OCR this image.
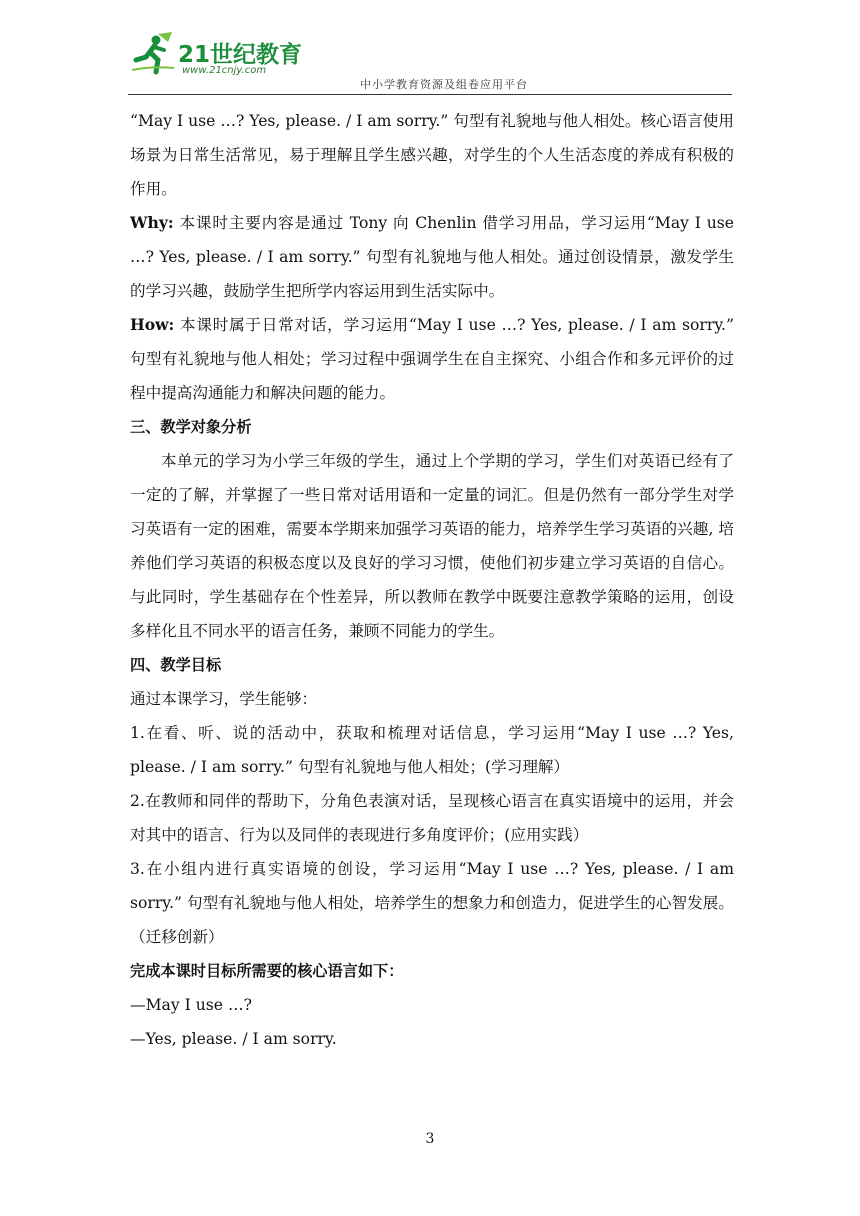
21世纪教育
www.21cnjy.com
中小学教育资源及组卷应用平台

“May I use …? Yes, please. / I am sorry.” 句型有礼貌地与他人相处。核心语言使用场景为日常生活常见，易于理解且学生感兴趣，对学生的个人生活态度的养成有积极的作用。

Why: 本课时主要内容是通过 Tony 向 Chenlin 借学习用品，学习运用“May I use …? Yes, please. / I am sorry.” 句型有礼貌地与他人相处。通过创设情景，激发学生的学习兴趣，鼓励学生把所学内容运用到生活实际中。

How: 本课时属于日常对话，学习运用“May I use …? Yes, please. / I am sorry.” 句型有礼貌地与他人相处；学习过程中强调学生在自主探究、小组合作和多元评价的过程中提高沟通能力和解决问题的能力。

三、教学对象分析

本单元的学习为小学三年级的学生，通过上个学期的学习，学生们对英语已经有了一定的了解，并掌握了一些日常对话用语和一定量的词汇。但是仍然有一部分学生对学习英语有一定的困难，需要本学期来加强学习英语的能力，培养学生学习英语的兴趣, 培养他们学习英语的积极态度以及良好的学习习惯，使他们初步建立学习英语的自信心。与此同时，学生基础存在个性差异，所以教师在教学中既要注意教学策略的运用，创设多样化且不同水平的语言任务，兼顾不同能力的学生。

四、教学目标

通过本课学习，学生能够：

1.在看、听、说的活动中，获取和梳理对话信息，学习运用“May I use …? Yes, please. / I am sorry.” 句型有礼貌地与他人相处；(学习理解）

2.在教师和同伴的帮助下，分角色表演对话，呈现核心语言在真实语境中的运用，并会对其中的语言、行为以及同伴的表现进行多角度评价；(应用实践）

3.在小组内进行真实语境的创设，学习运用“May I use …? Yes, please. / I am sorry.” 句型有礼貌地与他人相处，培养学生的想象力和创造力，促进学生的心智发展。（迁移创新）

完成本课时目标所需要的核心语言如下：

—May I use …?

—Yes, please. / I am sorry.

3
